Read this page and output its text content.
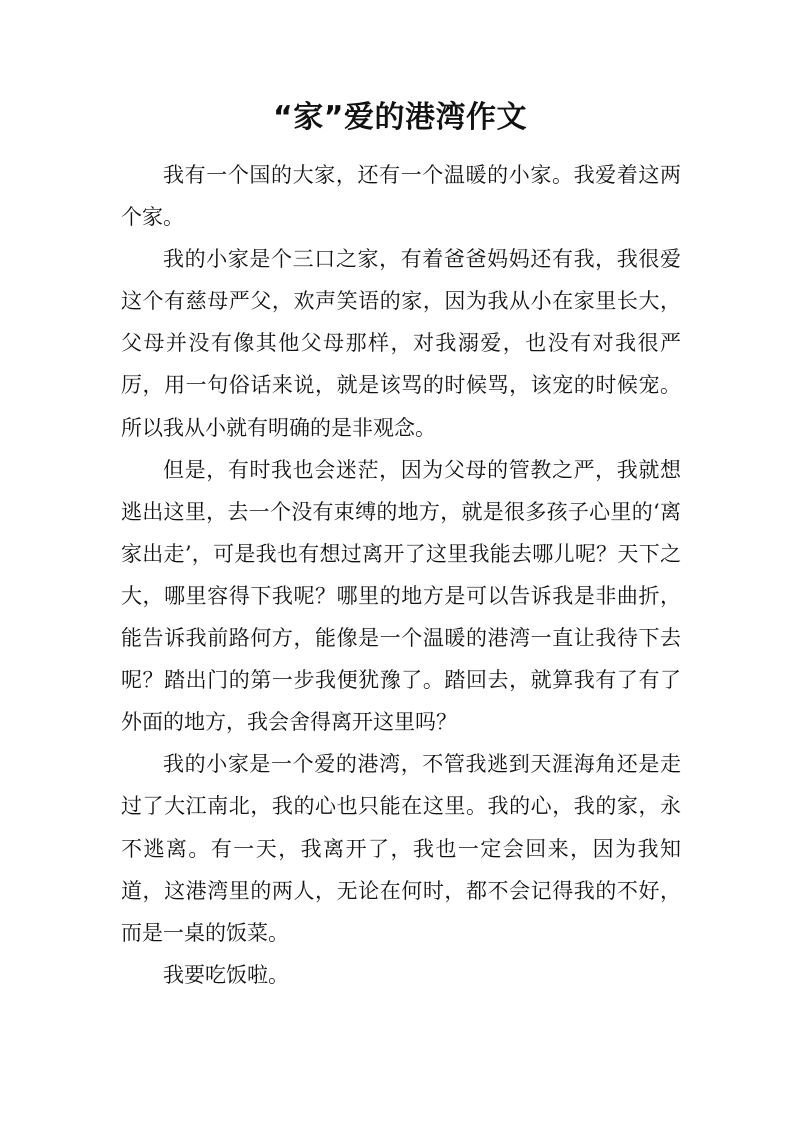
“家”爱的港湾作文

我有一个国的大家，还有一个温暖的小家。我爱着这两个家。

我的小家是个三口之家，有着爸爸妈妈还有我，我很爱这个有慈母严父，欢声笑语的家，因为我从小在家里长大，父母并没有像其他父母那样，对我溺爱，也没有对我很严厉，用一句俗话来说，就是该骂的时候骂，该宠的时候宠。所以我从小就有明确的是非观念。

但是，有时我也会迷茫，因为父母的管教之严，我就想逃出这里，去一个没有束缚的地方，就是很多孩子心里的‘离家出走’，可是我也有想过离开了这里我能去哪儿呢？天下之大，哪里容得下我呢？哪里的地方是可以告诉我是非曲折，能告诉我前路何方，能像是一个温暖的港湾一直让我待下去呢？踏出门的第一步我便犹豫了。踏回去，就算我有了有了外面的地方，我会舍得离开这里吗？

我的小家是一个爱的港湾，不管我逃到天涯海角还是走过了大江南北，我的心也只能在这里。我的心，我的家，永不逃离。有一天，我离开了，我也一定会回来，因为我知道，这港湾里的两人，无论在何时，都不会记得我的不好，而是一桌的饭菜。

我要吃饭啦。
